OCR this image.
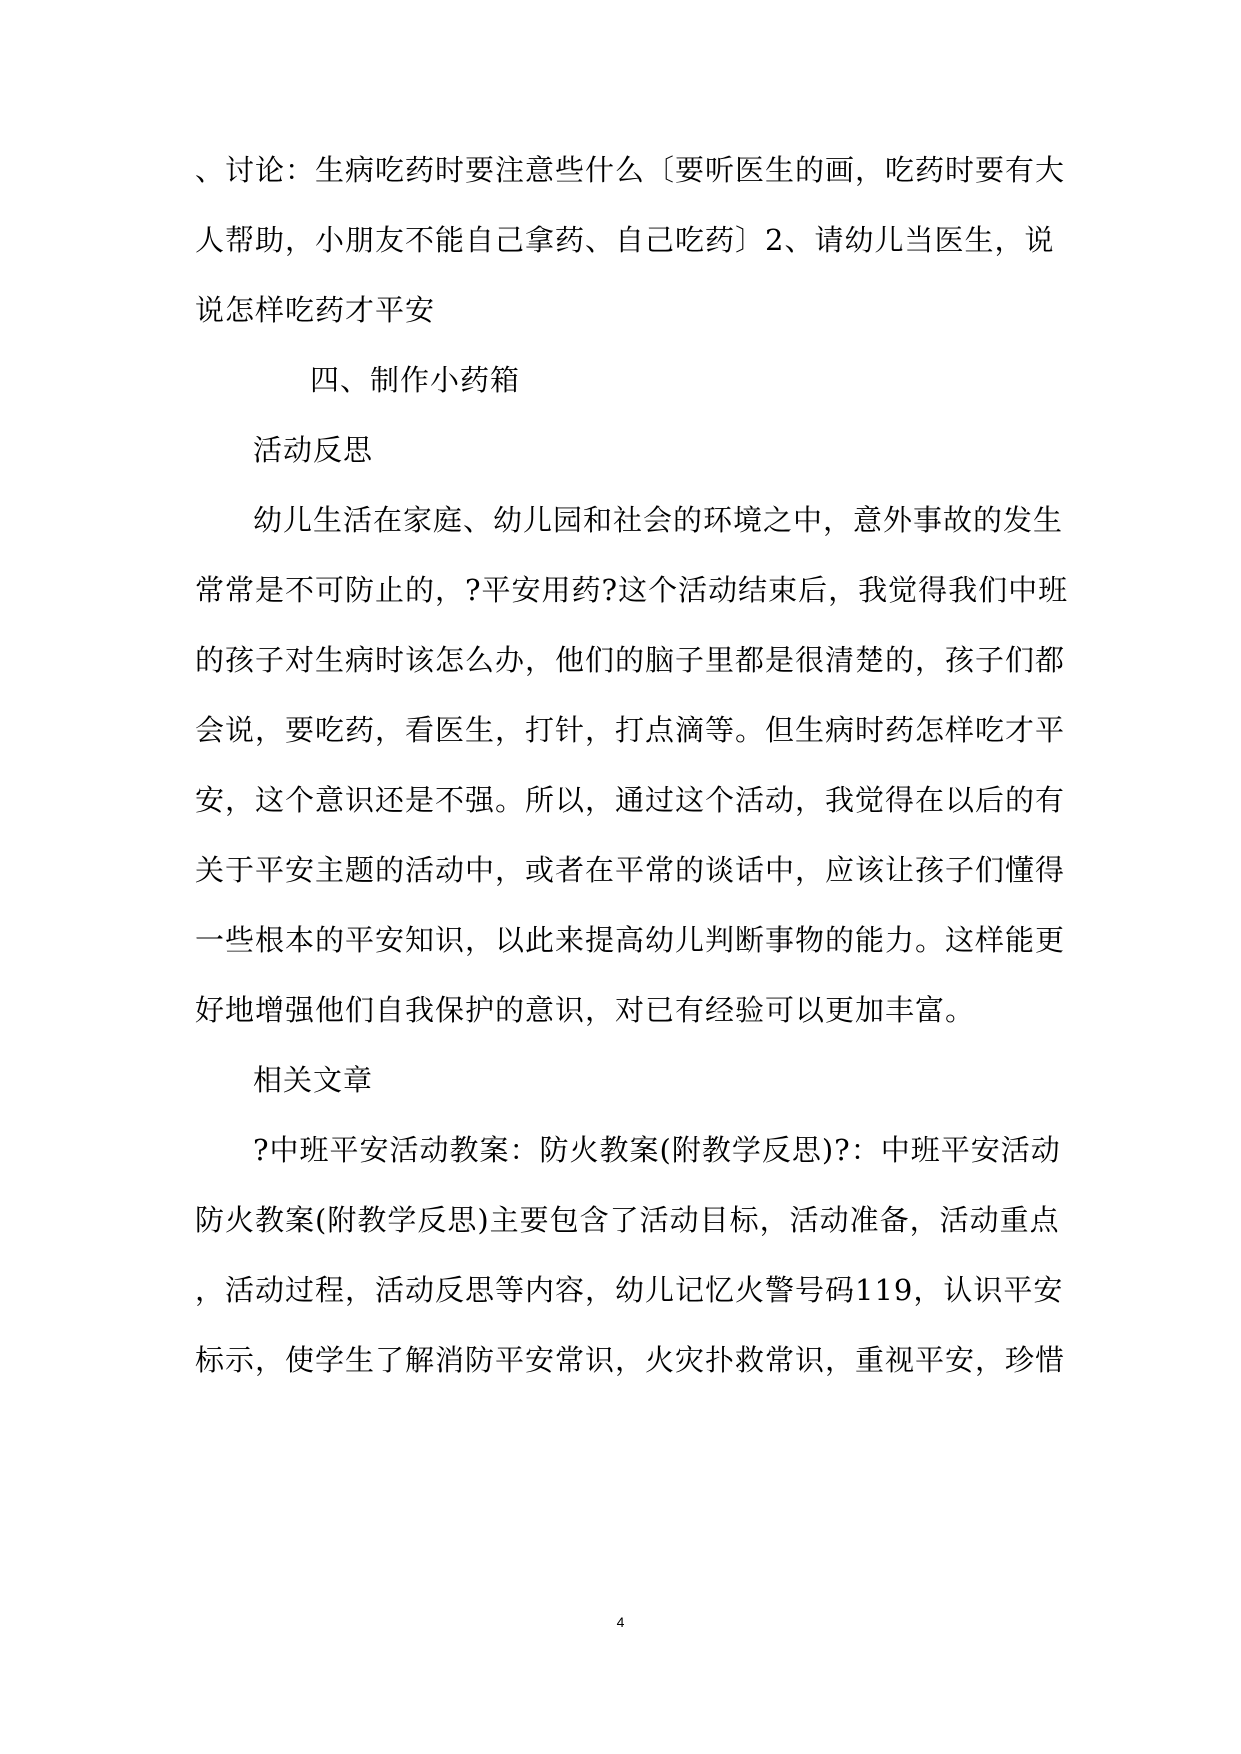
、讨论：生病吃药时要注意些什么〔要听医生的画，吃药时要有大
人帮助，小朋友不能自己拿药、自己吃药〕2、请幼儿当医生，说
说怎样吃药才平安
四、制作小药箱
活动反思
幼儿生活在家庭、幼儿园和社会的环境之中，意外事故的发生
常常是不可防止的，?平安用药?这个活动结束后，我觉得我们中班
的孩子对生病时该怎么办，他们的脑子里都是很清楚的，孩子们都
会说，要吃药，看医生，打针，打点滴等。但生病时药怎样吃才平
安，这个意识还是不强。所以，通过这个活动，我觉得在以后的有
关于平安主题的活动中，或者在平常的谈话中，应该让孩子们懂得
一些根本的平安知识，以此来提高幼儿判断事物的能力。这样能更
好地增强他们自我保护的意识，对已有经验可以更加丰富。
相关文章
?中班平安活动教案：防火教案(附教学反思)?：中班平安活动
防火教案(附教学反思)主要包含了活动目标，活动准备，活动重点
，活动过程，活动反思等内容，幼儿记忆火警号码119，认识平安
标示，使学生了解消防平安常识，火灾扑救常识，重视平安，珍惜
4
